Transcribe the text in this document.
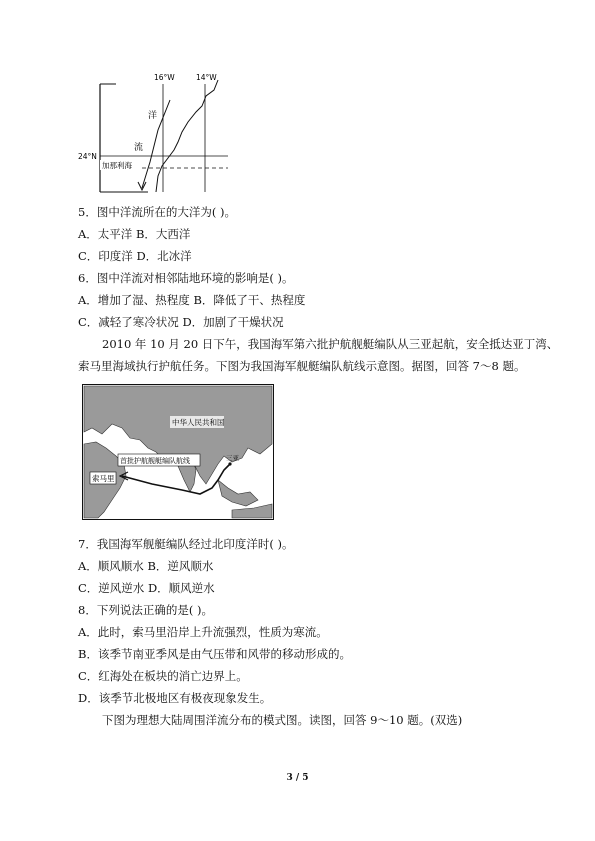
16°W	14°W
24°N
洋
流
加那利海
5．图中洋流所在的大洋为( )。
A．太平洋 B．大西洋
C．印度洋 D．北冰洋
6．图中洋流对相邻陆地环境的影响是( )。
A．增加了湿、热程度 B．降低了干、热程度
C．减轻了寒冷状况 D．加剧了干燥状况
2010 年 10 月 20 日下午，我国海军第六批护航舰艇编队从三亚起航，安全抵达亚丁湾、
索马里海域执行护航任务。下图为我国海军舰艇编队航线示意图。据图，回答 7～8 题。
中华人民共和国
首批护航舰艇编队航线
索马里
三亚
7．我国海军舰艇编队经过北印度洋时( )。
A．顺风顺水 B．逆风顺水
C．逆风逆水 D．顺风逆水
8．下列说法正确的是( )。
A．此时，索马里沿岸上升流强烈，性质为寒流。
B．该季节南亚季风是由气压带和风带的移动形成的。
C．红海处在板块的消亡边界上。
D．该季节北极地区有极夜现象发生。
下图为理想大陆周围洋流分布的模式图。读图，回答 9～10 题。(双选)
3 / 5
